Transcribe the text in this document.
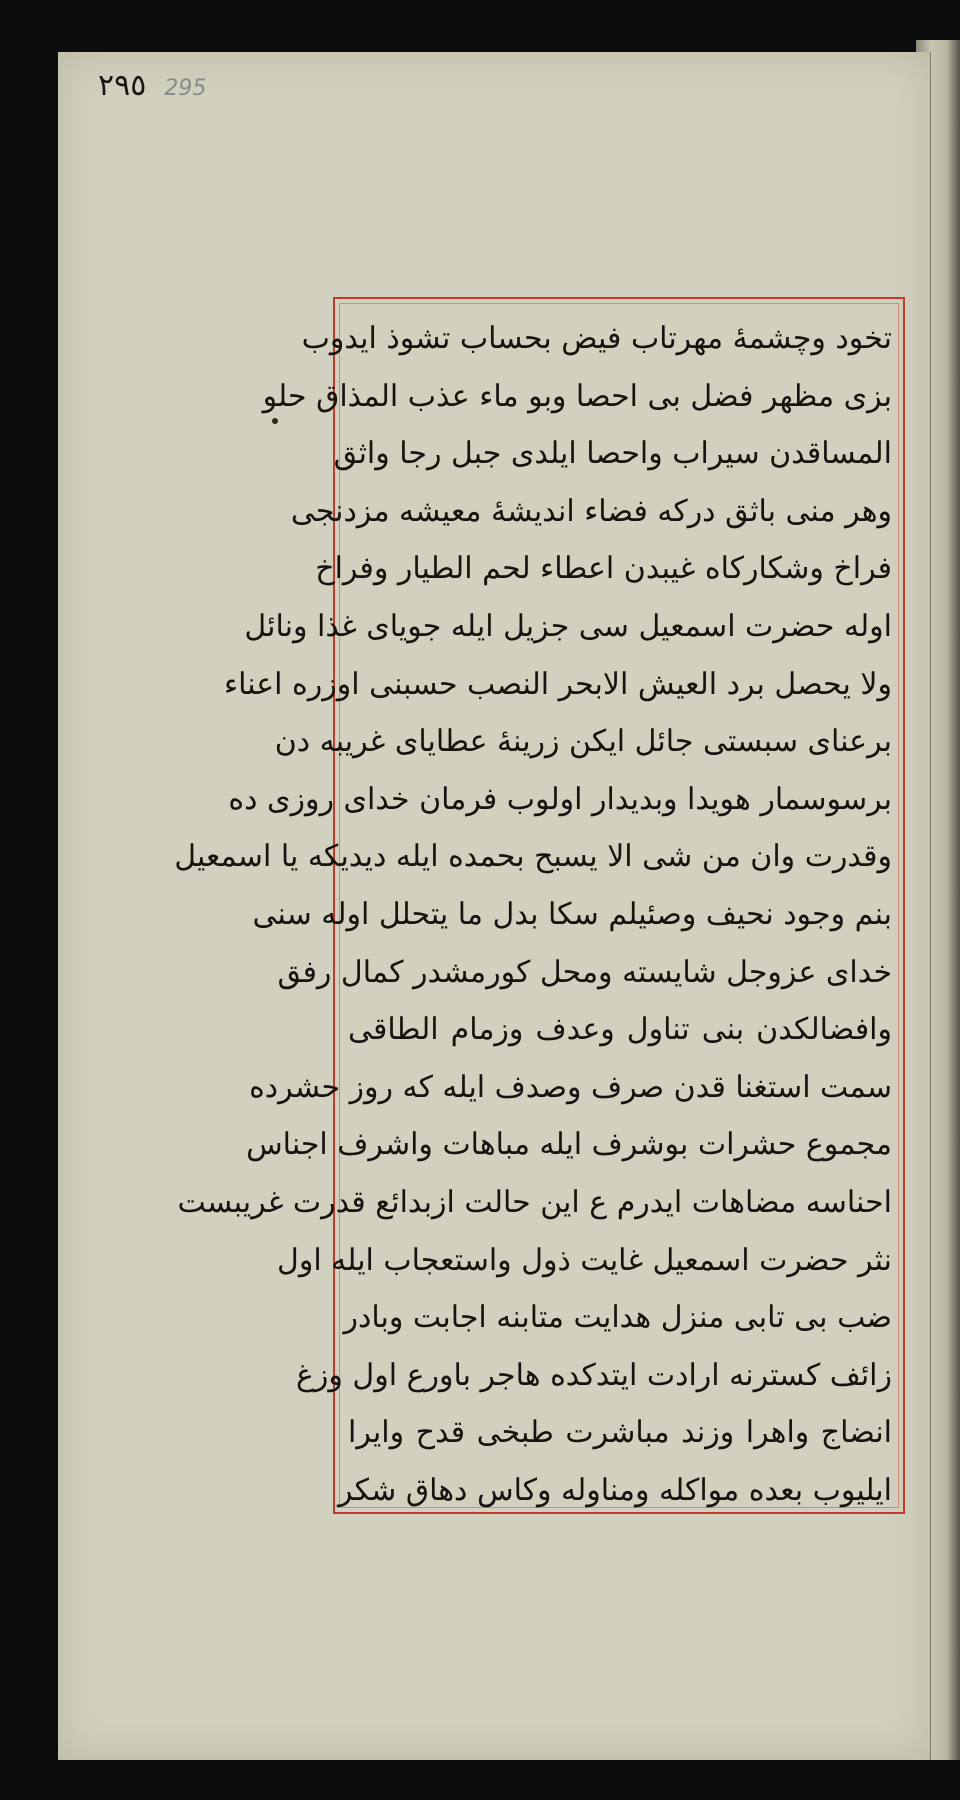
٢٩٥ 295
تخود وچشمهٔ مهرتاب فیض بحساب تشوذ ایدوب
بزی مظهر فضل بی احصا وبو ماء عذب المذاق حلو
المساقدن سیراب واحصا ایلدی جبل رجا واثق
وهر منی باثق درکه فضاء اندیشهٔ معیشه مزدنجی
فراخ وشکارکاه غیبدن اعطاء لحم الطیار وفراخ
اوله حضرت اسمعیل سی جزیل ایله جویای غذا ونائل
ولا یحصل برد العیش الابحر النصب حسبنی اوزره اعناء
برعنای سبستی جائل ایکن زرینهٔ عطایای غریبه دن
برسوسمار هویدا وبدیدار اولوب فرمان خدای روزی ده
وقدرت وان من شی الا یسبح بحمده ایله دیدیکه یا اسمعیل
بنم وجود نحیف وصئیلم سکا بدل ما یتحلل اوله سنی
خدای عزوجل شایسته ومحل کورمشدر کمال رفق
وافضالکدن بنی تناول وعدف وزمام الطاقی
سمت استغنا قدن صرف وصدف ایله که روز حشرده
مجموع حشرات بوشرف ایله مباهات واشرف اجناس
احناسه مضاهات ایدرم ع این حالت ازبدائع قدرت غریبست
نثر حضرت اسمعیل غایت ذول واستعجاب ایله اول
ضب بی تابی منزل هدایت متابنه اجابت وبادر
زائف کسترنه ارادت ایتدکده هاجر باورع اول وزغ
انضاج واهرا وزند مباشرت طبخی قدح وایرا
ایلیوب بعده مواکله ومناوله وکاس دهاق شکر
